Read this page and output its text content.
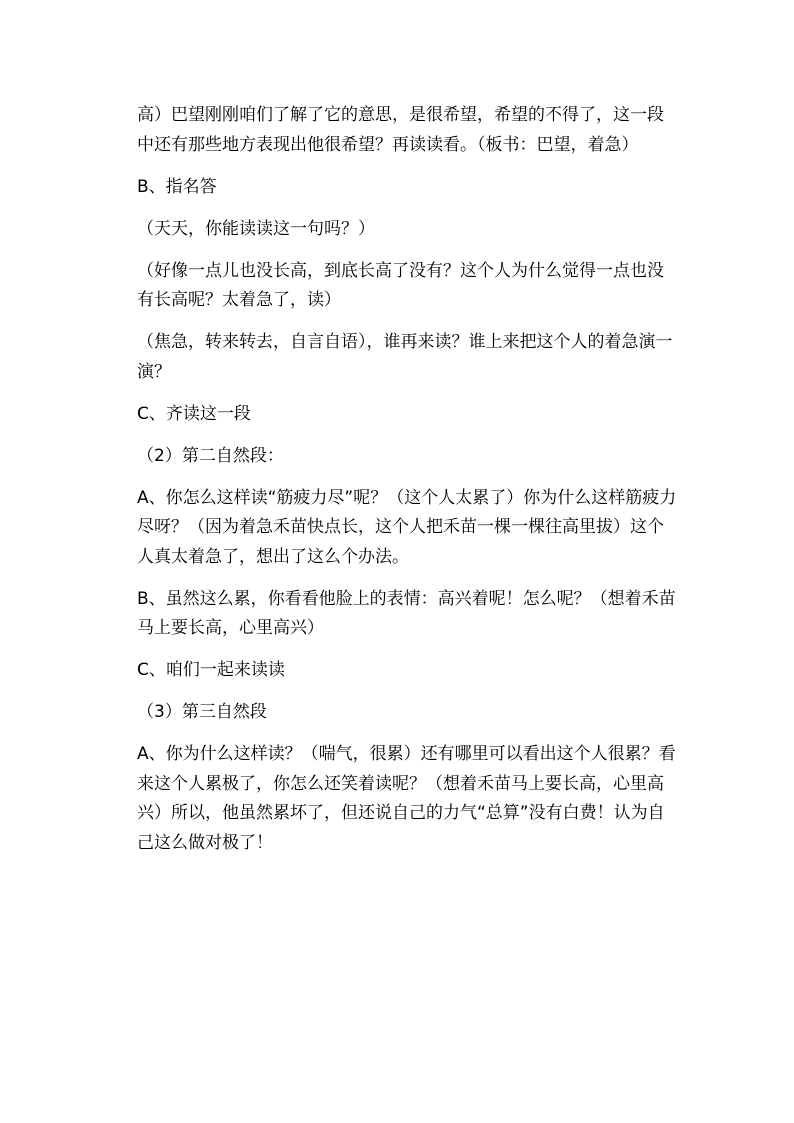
高）巴望刚刚咱们了解了它的意思，是很希望，希望的不得了，这一段中还有那些地方表现出他很希望？再读读看。（板书：巴望，着急）

B、指名答

（天天，你能读读这一句吗？）

（好像一点儿也没长高，到底长高了没有？这个人为什么觉得一点也没有长高呢？太着急了，读）

（焦急，转来转去，自言自语），谁再来读？谁上来把这个人的着急演一演？

C、齐读这一段

（2）第二自然段：

A、你怎么这样读“筋疲力尽”呢？（这个人太累了）你为什么这样筋疲力尽呀？（因为着急禾苗快点长，这个人把禾苗一棵一棵往高里拔）这个人真太着急了，想出了这么个办法。

B、虽然这么累，你看看他脸上的表情：高兴着呢！怎么呢？（想着禾苗马上要长高，心里高兴）

C、咱们一起来读读

（3）第三自然段

A、你为什么这样读？（喘气，很累）还有哪里可以看出这个人很累？看来这个人累极了，你怎么还笑着读呢？（想着禾苗马上要长高，心里高兴）所以，他虽然累坏了，但还说自己的力气“总算”没有白费！认为自己这么做对极了！
